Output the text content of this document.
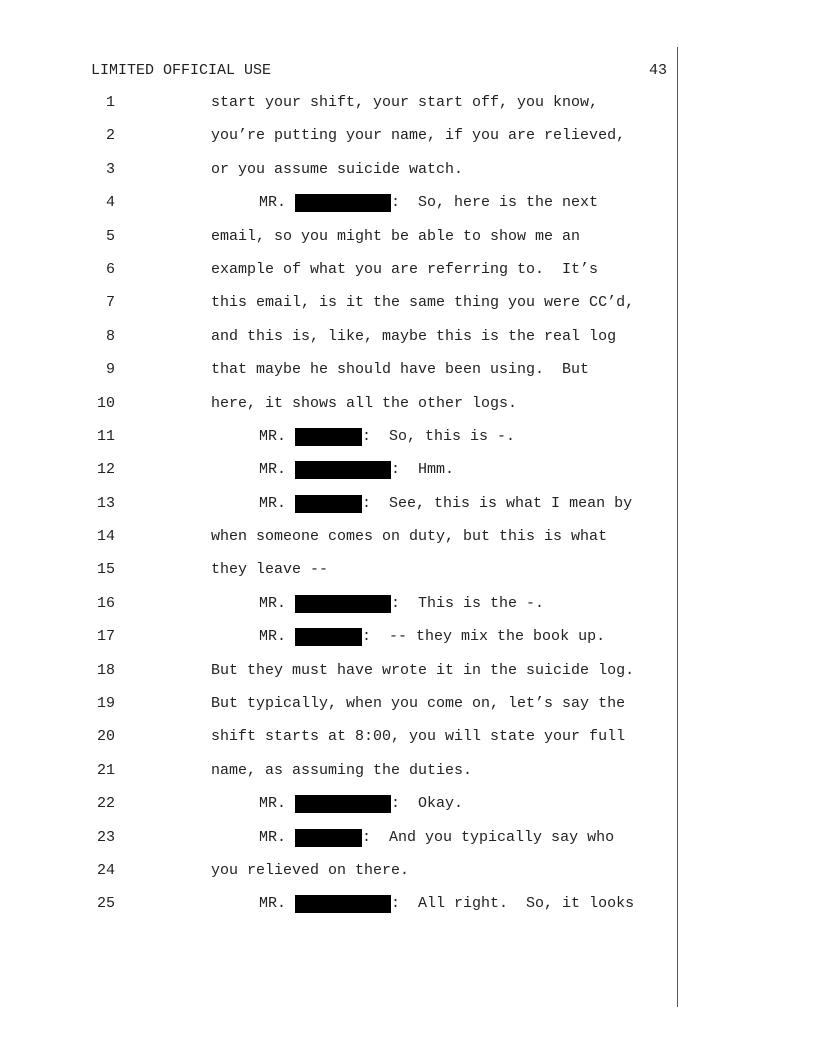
LIMITED OFFICIAL USE	43
1	start your shift, your start off, you know,
2	you’re putting your name, if you are relieved,
3	or you assume suicide watch.
4	MR.	:  So, here is the next
5	email, so you might be able to show me an
6	example of what you are referring to.  It’s
7	this email, is it the same thing you were CC’d,
8	and this is, like, maybe this is the real log
9	that maybe he should have been using.  But
10	here, it shows all the other logs.
11	MR.	:  So, this is -.
12	MR.	:  Hmm.
13	MR.	:  See, this is what I mean by
14	when someone comes on duty, but this is what
15	they leave --
16	MR.	:  This is the -.
17	MR.	:  -- they mix the book up.
18	But they must have wrote it in the suicide log.
19	But typically, when you come on, let’s say the
20	shift starts at 8:00, you will state your full
21	name, as assuming the duties.
22	MR.	:  Okay.
23	MR.	:  And you typically say who
24	you relieved on there.
25	MR.	:  All right.  So, it looks
